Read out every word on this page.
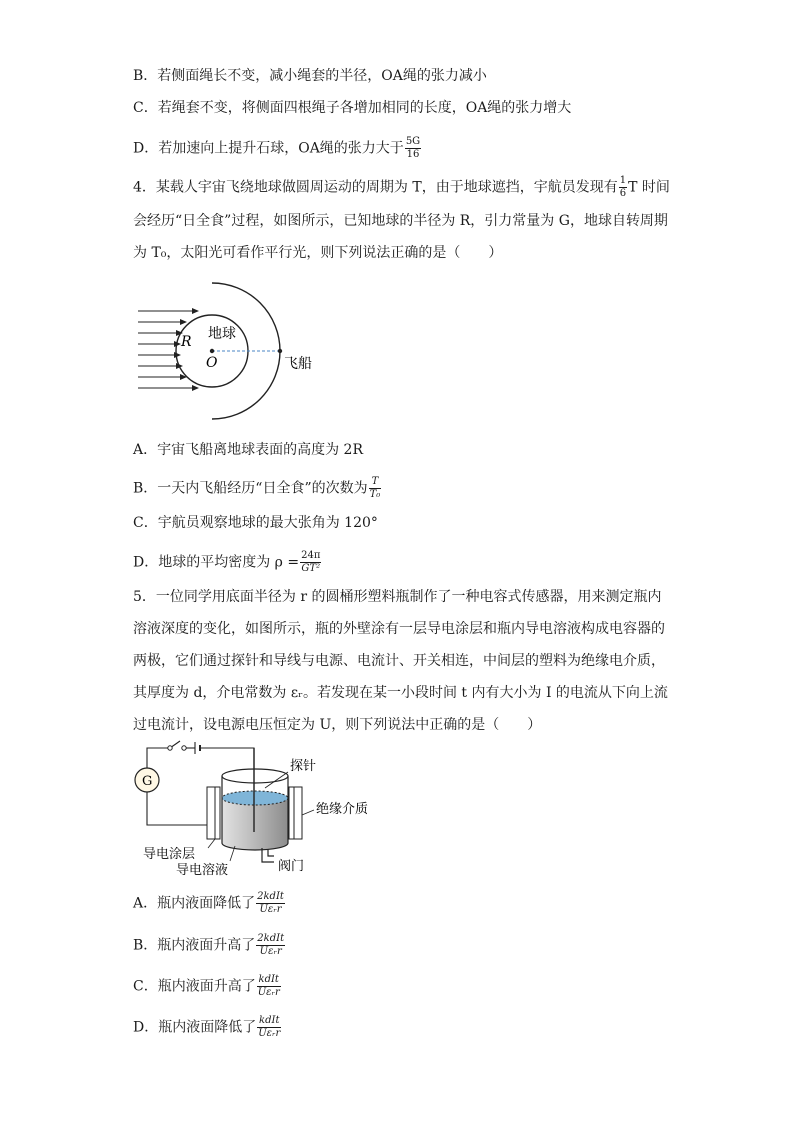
B．若侧面绳长不变，减小绳套的半径，OA绳的张力减小
C．若绳套不变，将侧面四根绳子各增加相同的长度，OA绳的张力增大
D．若加速向上提升石球，OA绳的张力大于 $\frac{5G}{16}$
4．某载人宇宙飞绕地球做圆周运动的周期为 T，由于地球遮挡，宇航员发现有 $\frac{1}{6}$ T 时间
会经历“日全食”过程，如图所示，已知地球的半径为 R，引力常量为 G，地球自转周期
为 T₀，太阳光可看作平行光，则下列说法正确的是（　　）
地球
R
O	飞船
A．宇宙飞船离地球表面的高度为 2R
B．一天内飞船经历“日全食”的次数为 $\frac{T}{\text{T₀}}$
C．宇航员观察地球的最大张角为 120°
D．地球的平均密度为 $\rho = \frac{24\pi}{\text{GT²}}$
5．一位同学用底面半径为 r 的圆桶形塑料瓶制作了一种电容式传感器，用来测定瓶内
溶液深度的变化，如图所示，瓶的外壁涂有一层导电涂层和瓶内导电溶液构成电容器的
两极，它们通过探针和导线与电源、电流计、开关相连，中间层的塑料为绝缘电介质，
其厚度为 d，介电常数为 εᵣ。若发现在某一小段时间 t 内有大小为 I 的电流从下向上流
过电流计，设电源电压恒定为 U，则下列说法中正确的是（　　）
G
探针
绝缘介质
导电涂层
导电溶液	阀门
A．瓶内液面降低了 $\frac{\text{2kdIt}}{\text{Uεᵣr}}$
B．瓶内液面升高了 $\frac{\text{2kdIt}}{\text{Uεᵣr}}$
C．瓶内液面升高了 $\frac{\text{kdIt}}{\text{Uεᵣr}}$
D．瓶内液面降低了 $\frac{\text{kdIt}}{\text{Uεᵣr}}$
